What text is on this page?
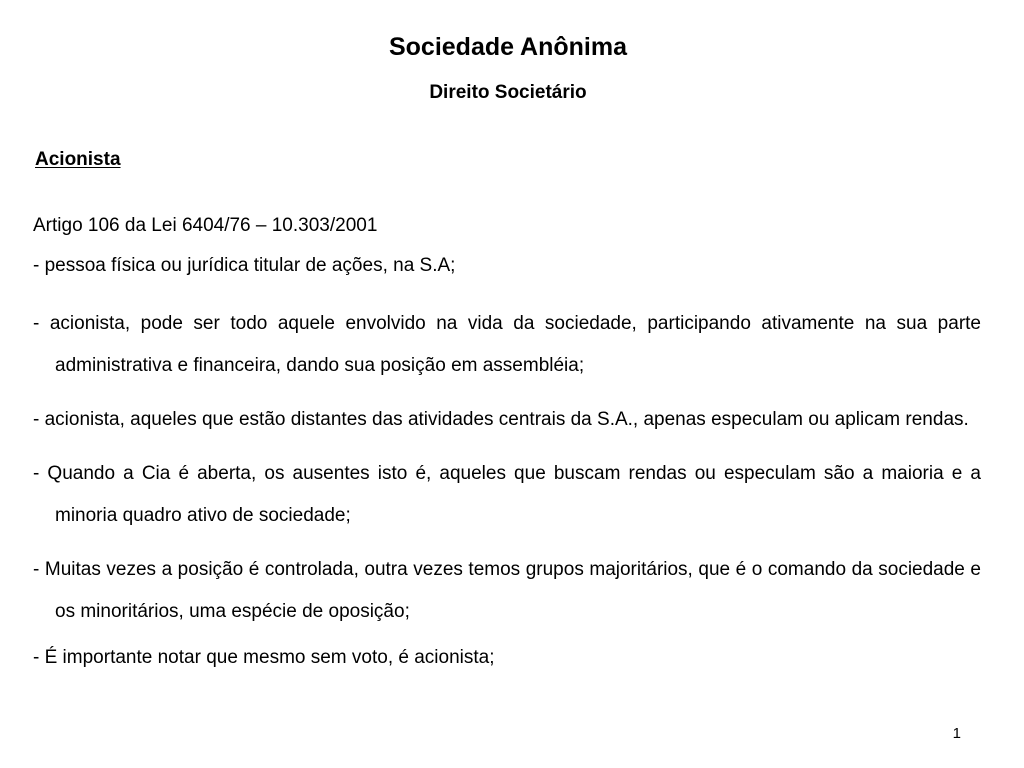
Sociedade Anônima
Direito Societário
Acionista
Artigo 106 da Lei 6404/76 – 10.303/2001

- pessoa física ou jurídica titular de ações, na S.A;

- acionista, pode ser todo aquele envolvido na vida da sociedade, participando ativamente na sua parte administrativa e financeira, dando sua posição em assembléia;

- acionista, aqueles que estão distantes das atividades centrais da S.A., apenas especulam ou aplicam rendas.

- Quando a Cia é aberta, os ausentes isto é, aqueles que buscam rendas ou especulam são a maioria e a minoria quadro ativo de sociedade;

- Muitas vezes a posição é controlada, outra vezes temos grupos majoritários, que é o comando da sociedade e os minoritários, uma espécie de oposição;

- É importante notar que mesmo sem voto, é acionista;

1
